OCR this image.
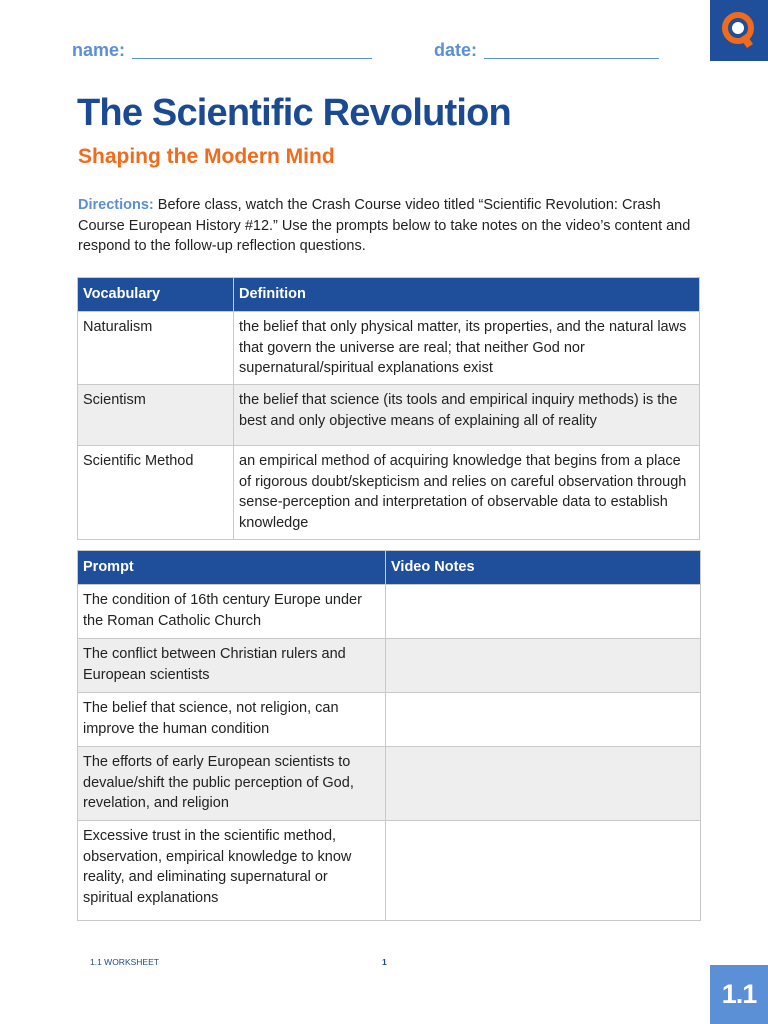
name:	date:
The Scientific Revolution
Shaping the Modern Mind

Directions: Before class, watch the Crash Course video titled “Scientific Revolution: Crash Course European History #12.” Use the prompts below to take notes on the video’s content and respond to the follow-up reflection questions.

Vocabulary	Definition
Naturalism	the belief that only physical matter, its properties, and the natural laws that govern the universe are real; that neither God nor supernatural/spiritual explanations exist
Scientism	the belief that science (its tools and empirical inquiry methods) is the best and only objective means of explaining all of reality
Scientific Method	an empirical method of acquiring knowledge that begins from a place of rigorous doubt/skepticism and relies on careful observation through sense-perception and interpretation of observable data to establish knowledge
Prompt	Video Notes
The condition of 16th century Europe under the Roman Catholic Church	
The conflict between Christian rulers and European scientists	
The belief that science, not religion, can improve the human condition	
The efforts of early European scientists to devalue/shift the public perception of God, revelation, and religion	
Excessive trust in the scientific method, observation, empirical knowledge to know reality, and eliminating supernatural or spiritual explanations	
1.1 WORKSHEET	1
1.1
